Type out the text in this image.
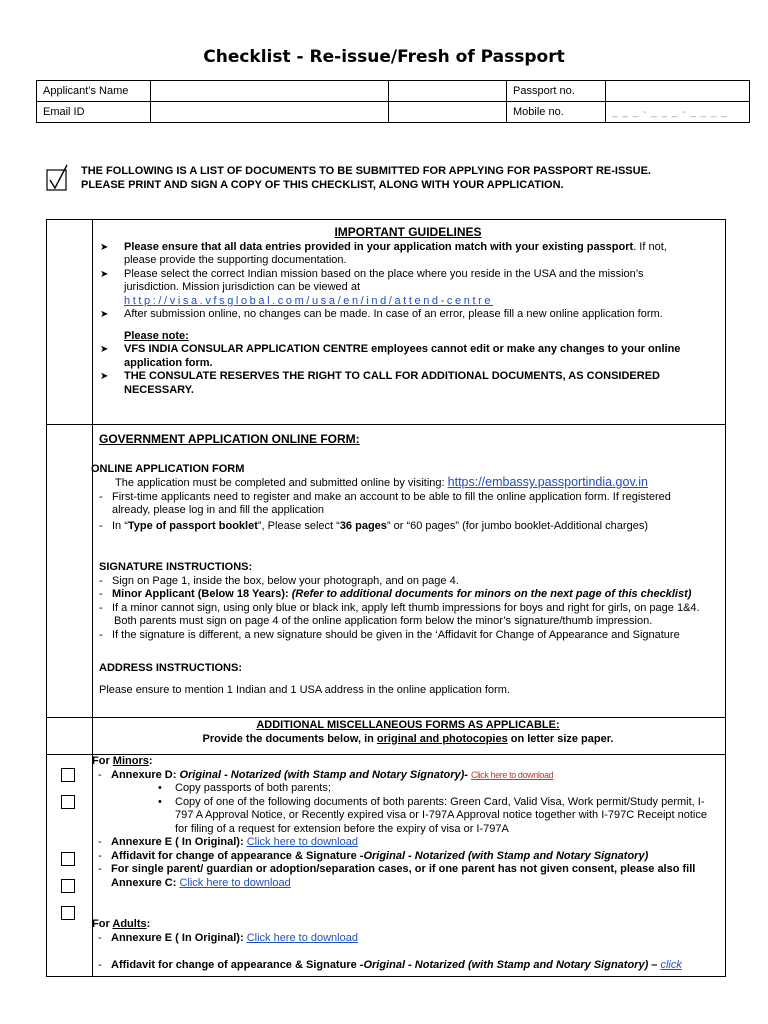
Checklist - Re-issue/Fresh of Passport
Applicant’s Name			Passport no.	
Email ID			Mobile no.	_ _ _ - _ _ _ - _ _ _ _
THE FOLLOWING IS A LIST OF DOCUMENTS TO BE SUBMITTED FOR APPLYING FOR PASSPORT RE-ISSUE.
PLEASE PRINT AND SIGN A COPY OF THIS CHECKLIST, ALONG WITH YOUR APPLICATION.

IMPORTANT GUIDELINES

➤ Please ensure that all data entries provided in your application match with your existing passport. If not,
please provide the supporting documentation.
➤ Please select the correct Indian mission based on the place where you reside in the USA and the mission’s
jurisdiction. Mission jurisdiction can be viewed at
http://visa.vfsglobal.com/usa/en/ind/attend-centre
➤ After submission online, no changes can be made. In case of an error, please fill a new online application form.
Please note:
➤ VFS INDIA CONSULAR APPLICATION CENTRE employees cannot edit or make any changes to your online
application form.
➤ THE CONSULATE RESERVES THE RIGHT TO CALL FOR ADDITIONAL DOCUMENTS, AS CONSIDERED
NECESSARY.

GOVERNMENT APPLICATION ONLINE FORM:

ONLINE APPLICATION FORM

The application must be completed and submitted online by visiting: https://embassy.passportindia.gov.in

- First-time applicants need to register and make an account to be able to fill the online application form. If registered
already, please log in and fill the application
- In “Type of passport booklet”, Please select “36 pages” or “60 pages” (for jumbo booklet-Additional charges)

SIGNATURE INSTRUCTIONS:

- Sign on Page 1, inside the box, below your photograph, and on page 4.
- Minor Applicant (Below 18 Years): (Refer to additional documents for minors on the next page of this checklist)
- If a minor cannot sign, using only blue or black ink, apply left thumb impressions for boys and right for girls, on page 1&4.
Both parents must sign on page 4 of the online application form below the minor’s signature/thumb impression.
- If the signature is different, a new signature should be given in the ‘Affidavit for Change of Appearance and Signature

ADDRESS INSTRUCTIONS:

Please ensure to mention 1 Indian and 1 USA address in the online application form.

ADDITIONAL MISCELLANEOUS FORMS AS APPLICABLE:

Provide the documents below, in original and photocopies on letter size paper.

For Minors:

- Annexure D: Original - Notarized (with Stamp and Notary Signatory)- Click here to download
• Copy passports of both parents;
• Copy of one of the following documents of both parents: Green Card, Valid Visa, Work permit/Study permit, I-
797 A Approval Notice, or Recently expired visa or I-797A Approval notice together with I-797C Receipt notice
for filing of a request for extension before the expiry of visa or I-797A
- Annexure E ( In Original): Click here to download
- Affidavit for change of appearance & Signature -Original - Notarized (with Stamp and Notary Signatory)
- For single parent/ guardian or adoption/separation cases, or if one parent has not given consent, please also fill
Annexure C: Click here to download

For Adults:

- Annexure E ( In Original): Click here to download
- Affidavit for change of appearance & Signature -Original - Notarized (with Stamp and Notary Signatory) – click
